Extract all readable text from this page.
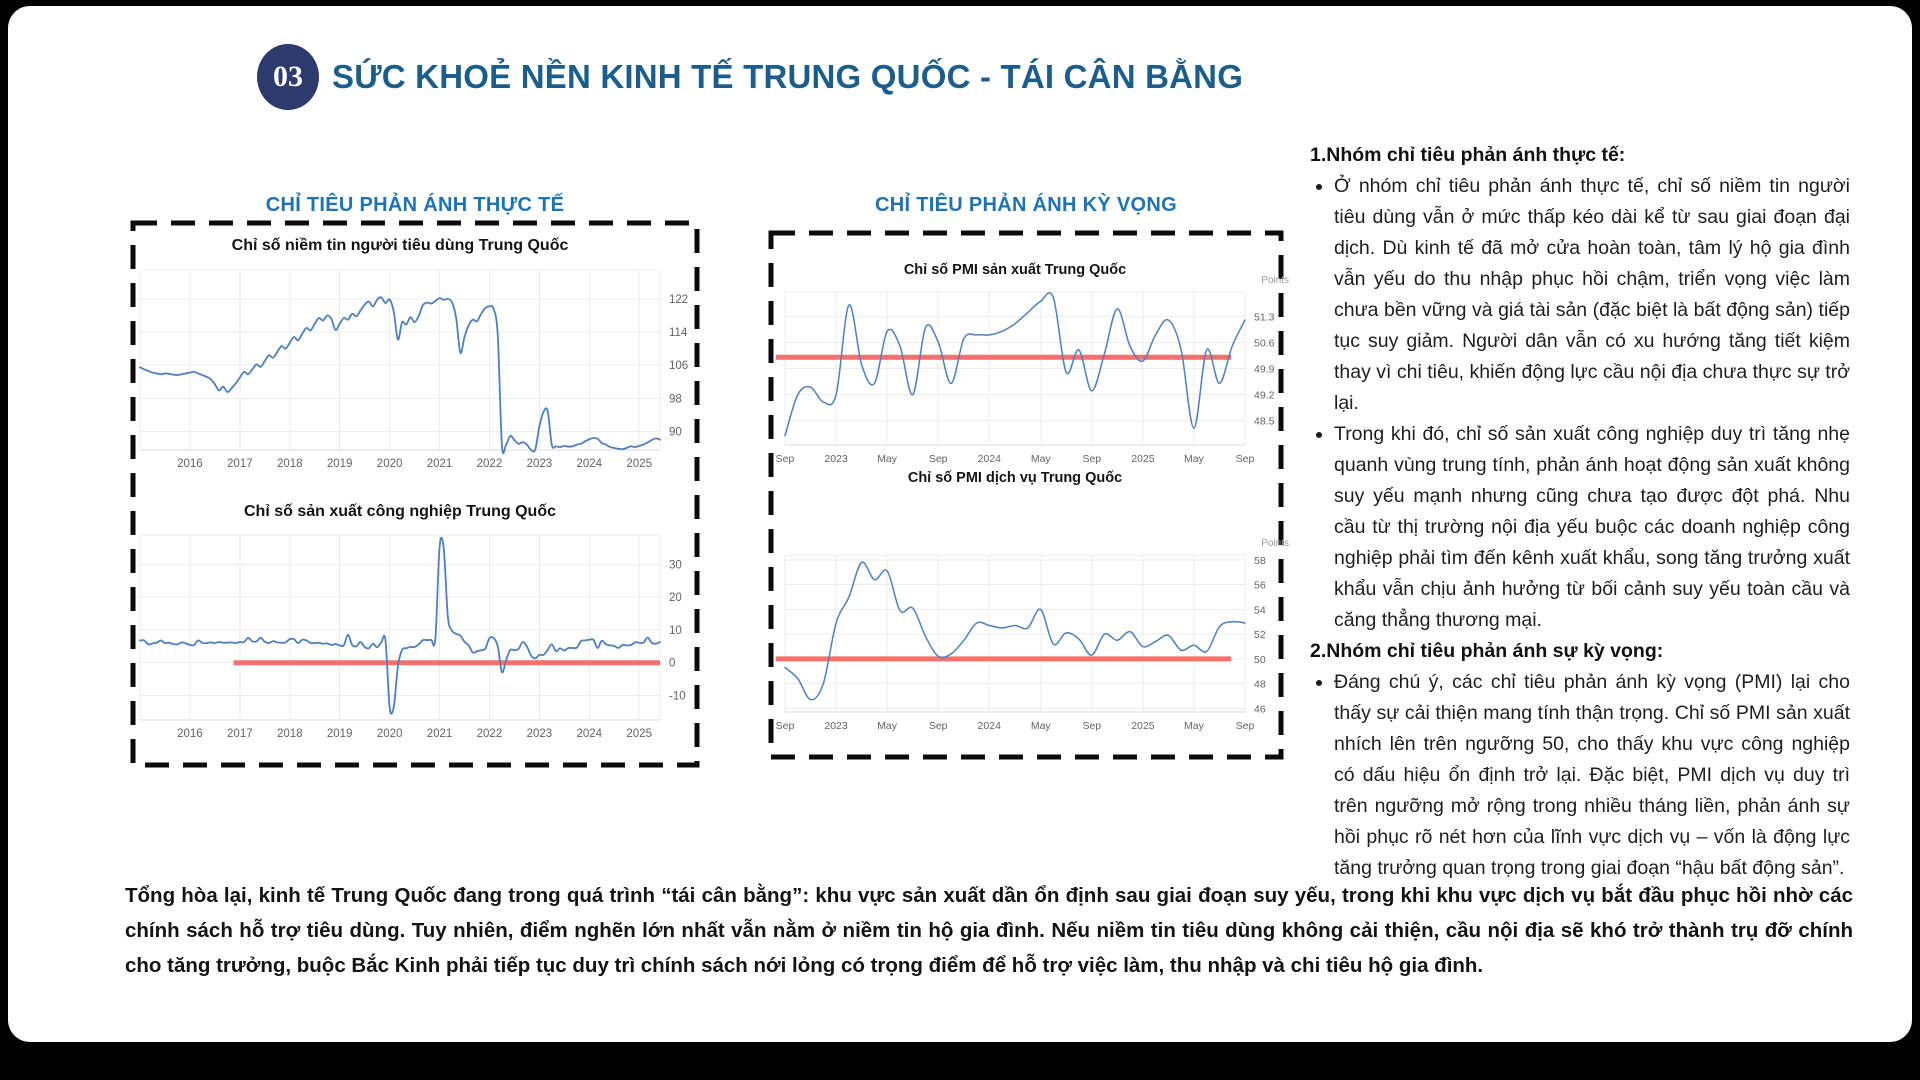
03 SỨC KHOẺ NỀN KINH TẾ TRUNG QUỐC - TÁI CÂN BẰNG
CHỈ TIÊU PHẢN ÁNH THỰC TẾ	CHỈ TIÊU PHẢN ÁNH KỲ VỌNG
Chỉ số niềm tin người tiêu dùng Trung Quốc
122
114
106
98
90
2016 2017 2018 2019 2020 2021 2022 2023 2024 2025
Chỉ số sản xuất công nghiệp Trung Quốc
30
20
10
0
-10
2016 2017 2018 2019 2020 2021 2022 2023 2024 2025
Chỉ số PMI sản xuất Trung Quốc
51.3
50.6
49.9
49.2
48.5
Sep	2023	May	Sep	2024	May	Sep	2025	May	Sep
Points
Chỉ số PMI dịch vụ Trung Quốc
58
56
54
52
50
48
46
Sep	2023	May	Sep	2024	May	Sep	2025	May	Sep
Points
1.Nhóm chỉ tiêu phản ánh thực tế:
• Ở nhóm chỉ tiêu phản ánh thực tế, chỉ số niềm tin người tiêu dùng vẫn ở mức thấp kéo dài kể từ sau giai đoạn đại dịch. Dù kinh tế đã mở cửa hoàn toàn, tâm lý hộ gia đình vẫn yếu do thu nhập phục hồi chậm, triển vọng việc làm chưa bền vững và giá tài sản (đặc biệt là bất động sản) tiếp tục suy giảm. Người dân vẫn có xu hướng tăng tiết kiệm thay vì chi tiêu, khiến động lực cầu nội địa chưa thực sự trở lại.
• Trong khi đó, chỉ số sản xuất công nghiệp duy trì tăng nhẹ quanh vùng trung tính, phản ánh hoạt động sản xuất không suy yếu mạnh nhưng cũng chưa tạo được đột phá. Nhu cầu từ thị trường nội địa yếu buộc các doanh nghiệp công nghiệp phải tìm đến kênh xuất khẩu, song tăng trưởng xuất khẩu vẫn chịu ảnh hưởng từ bối cảnh suy yếu toàn cầu và căng thẳng thương mại.
2.Nhóm chỉ tiêu phản ánh sự kỳ vọng:
• Đáng chú ý, các chỉ tiêu phản ánh kỳ vọng (PMI) lại cho thấy sự cải thiện mang tính thận trọng. Chỉ số PMI sản xuất nhích lên trên ngưỡng 50, cho thấy khu vực công nghiệp có dấu hiệu ổn định trở lại. Đặc biệt, PMI dịch vụ duy trì trên ngưỡng mở rộng trong nhiều tháng liền, phản ánh sự hồi phục rõ nét hơn của lĩnh vực dịch vụ – vốn là động lực tăng trưởng quan trọng trong giai đoạn “hậu bất động sản”.
Tổng hòa lại, kinh tế Trung Quốc đang trong quá trình “tái cân bằng”: khu vực sản xuất dần ổn định sau giai đoạn suy yếu, trong khi khu vực dịch vụ bắt đầu phục hồi nhờ các chính sách hỗ trợ tiêu dùng. Tuy nhiên, điểm nghẽn lớn nhất vẫn nằm ở niềm tin hộ gia đình. Nếu niềm tin tiêu dùng không cải thiện, cầu nội địa sẽ khó trở thành trụ đỡ chính cho tăng trưởng, buộc Bắc Kinh phải tiếp tục duy trì chính sách nới lỏng có trọng điểm để hỗ trợ việc làm, thu nhập và chi tiêu hộ gia đình.
